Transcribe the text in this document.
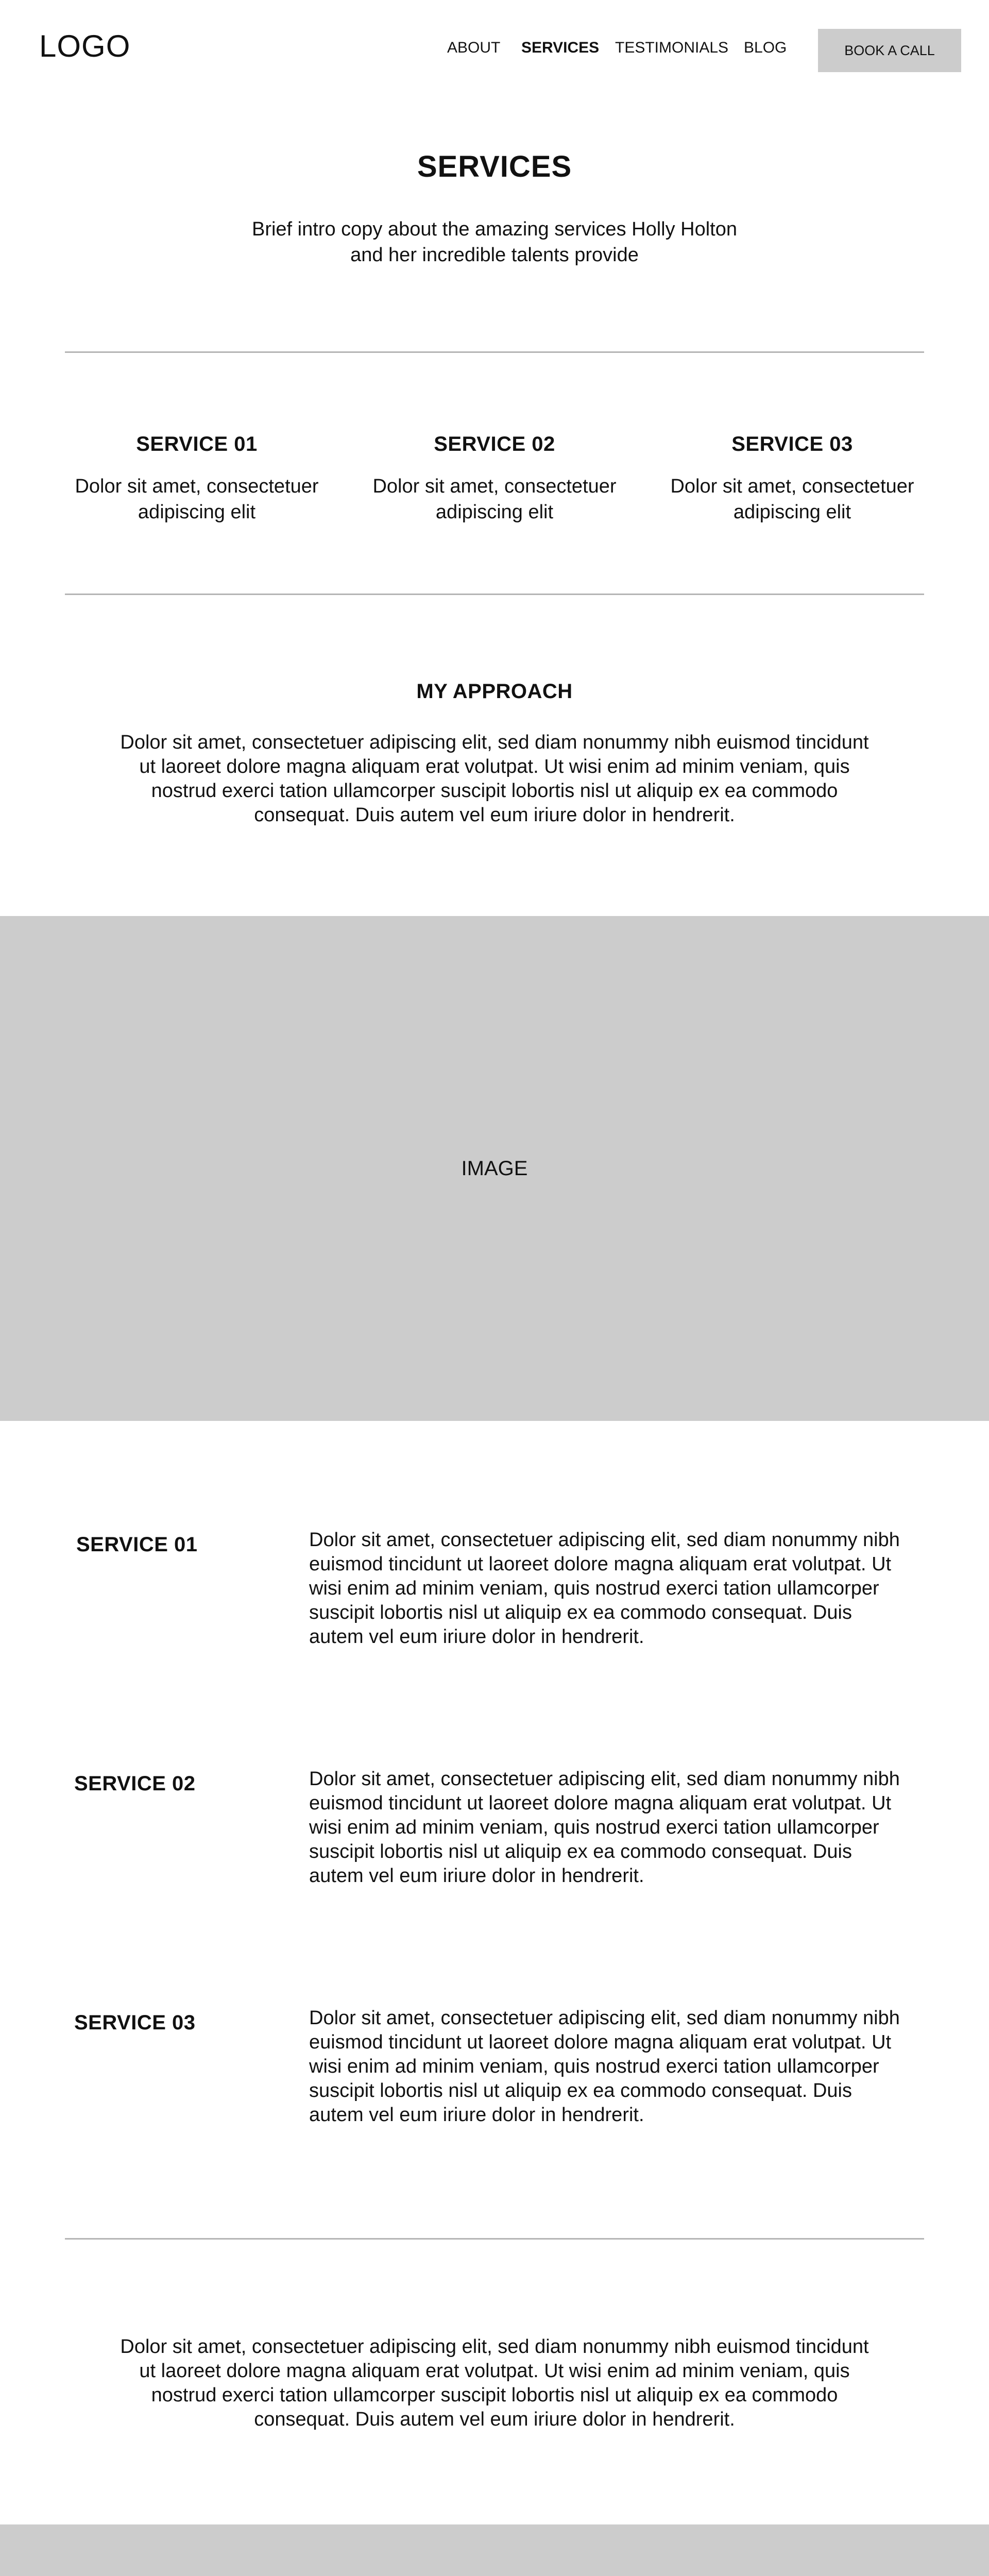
LOGO	ABOUT SERVICES TESTIMONIALS BLOG	BOOK A CALL
SERVICES

Brief intro copy about the amazing services Holly Holton and her incredible talents provide

SERVICE 01
Dolor sit amet, consectetuer adipiscing elit
SERVICE 02
Dolor sit amet, consectetuer adipiscing elit
SERVICE 03
Dolor sit amet, consectetuer adipiscing elit
MY APPROACH

Dolor sit amet, consectetuer adipiscing elit, sed diam nonummy nibh euismod tincidunt ut laoreet dolore magna aliquam erat volutpat. Ut wisi enim ad minim veniam, quis nostrud exerci tation ullamcorper suscipit lobortis nisl ut aliquip ex ea commodo consequat. Duis autem vel eum iriure dolor in hendrerit.

IMAGE
SERVICE 01	Dolor sit amet, consectetuer adipiscing elit, sed diam nonummy nibh euismod tincidunt ut laoreet dolore magna aliquam erat volutpat. Ut wisi enim ad minim veniam, quis nostrud exerci tation ullamcorper suscipit lobortis nisl ut aliquip ex ea commodo consequat. Duis autem vel eum iriure dolor in hendrerit.

SERVICE 02	Dolor sit amet, consectetuer adipiscing elit, sed diam nonummy nibh euismod tincidunt ut laoreet dolore magna aliquam erat volutpat. Ut wisi enim ad minim veniam, quis nostrud exerci tation ullamcorper suscipit lobortis nisl ut aliquip ex ea commodo consequat. Duis autem vel eum iriure dolor in hendrerit.

SERVICE 03	Dolor sit amet, consectetuer adipiscing elit, sed diam nonummy nibh euismod tincidunt ut laoreet dolore magna aliquam erat volutpat. Ut wisi enim ad minim veniam, quis nostrud exerci tation ullamcorper suscipit lobortis nisl ut aliquip ex ea commodo consequat. Duis autem vel eum iriure dolor in hendrerit.

Dolor sit amet, consectetuer adipiscing elit, sed diam nonummy nibh euismod tincidunt ut laoreet dolore magna aliquam erat volutpat. Ut wisi enim ad minim veniam, quis nostrud exerci tation ullamcorper suscipit lobortis nisl ut aliquip ex ea commodo consequat. Duis autem vel eum iriure dolor in hendrerit.
